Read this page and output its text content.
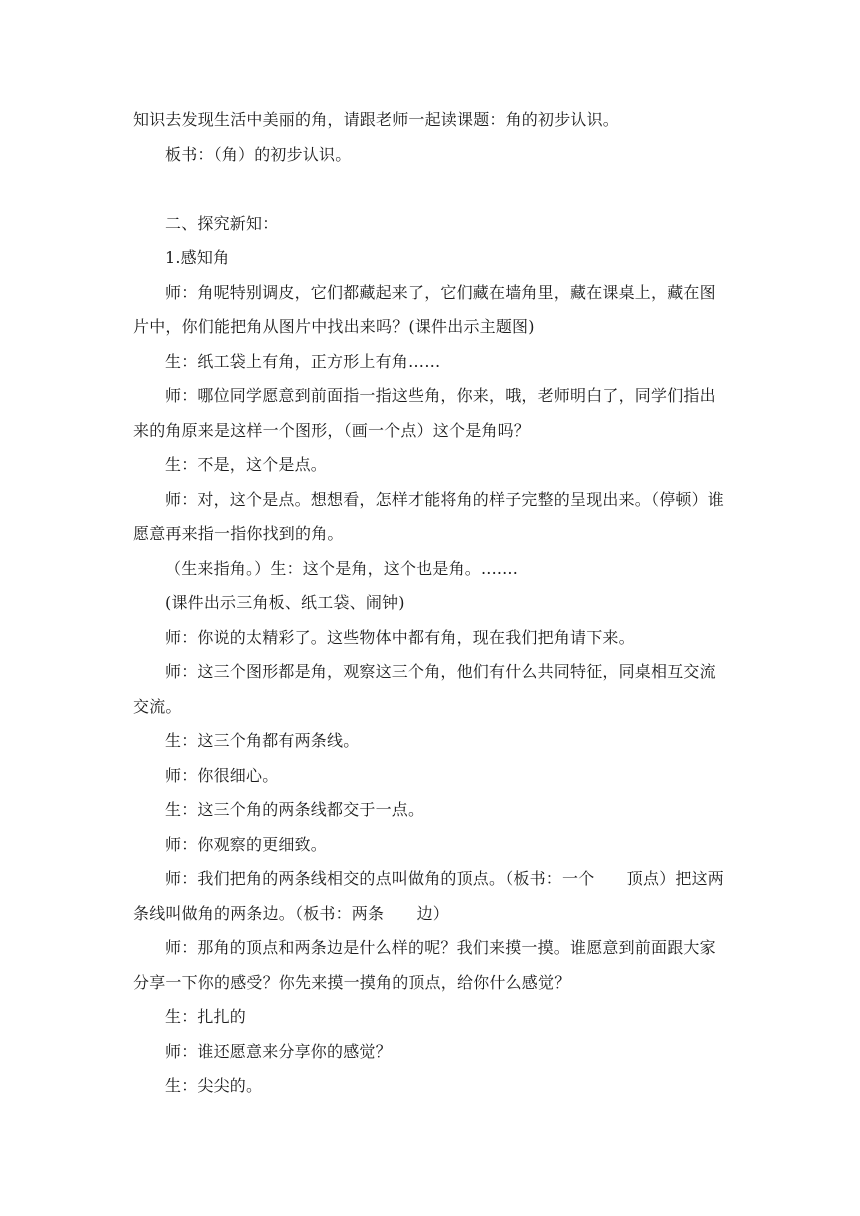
知识去发现生活中美丽的角，请跟老师一起读课题：角的初步认识。

板书：（角）的初步认识。

二、探究新知：

1.感知角

师：角呢特别调皮，它们都藏起来了，它们藏在墙角里，藏在课桌上，藏在图片中，你们能把角从图片中找出来吗？(课件出示主题图)

生：纸工袋上有角，正方形上有角……

师：哪位同学愿意到前面指一指这些角，你来，哦，老师明白了，同学们指出来的角原来是这样一个图形，（画一个点）这个是角吗？

生：不是，这个是点。

师：对，这个是点。想想看，怎样才能将角的样子完整的呈现出来。（停顿）谁愿意再来指一指你找到的角。

（生来指角。）生：这个是角，这个也是角。.......

(课件出示三角板、纸工袋、闹钟)

师：你说的太精彩了。这些物体中都有角，现在我们把角请下来。

师：这三个图形都是角，观察这三个角，他们有什么共同特征，同桌相互交流交流。

生：这三个角都有两条线。

师：你很细心。

生：这三个角的两条线都交于一点。

师：你观察的更细致。

师：我们把角的两条线相交的点叫做角的顶点。（板书：一个　　顶点）把这两条线叫做角的两条边。（板书：两条　　边）

师：那角的顶点和两条边是什么样的呢？我们来摸一摸。谁愿意到前面跟大家分享一下你的感受？你先来摸一摸角的顶点，给你什么感觉？

生：扎扎的

师：谁还愿意来分享你的感觉？

生：尖尖的。
